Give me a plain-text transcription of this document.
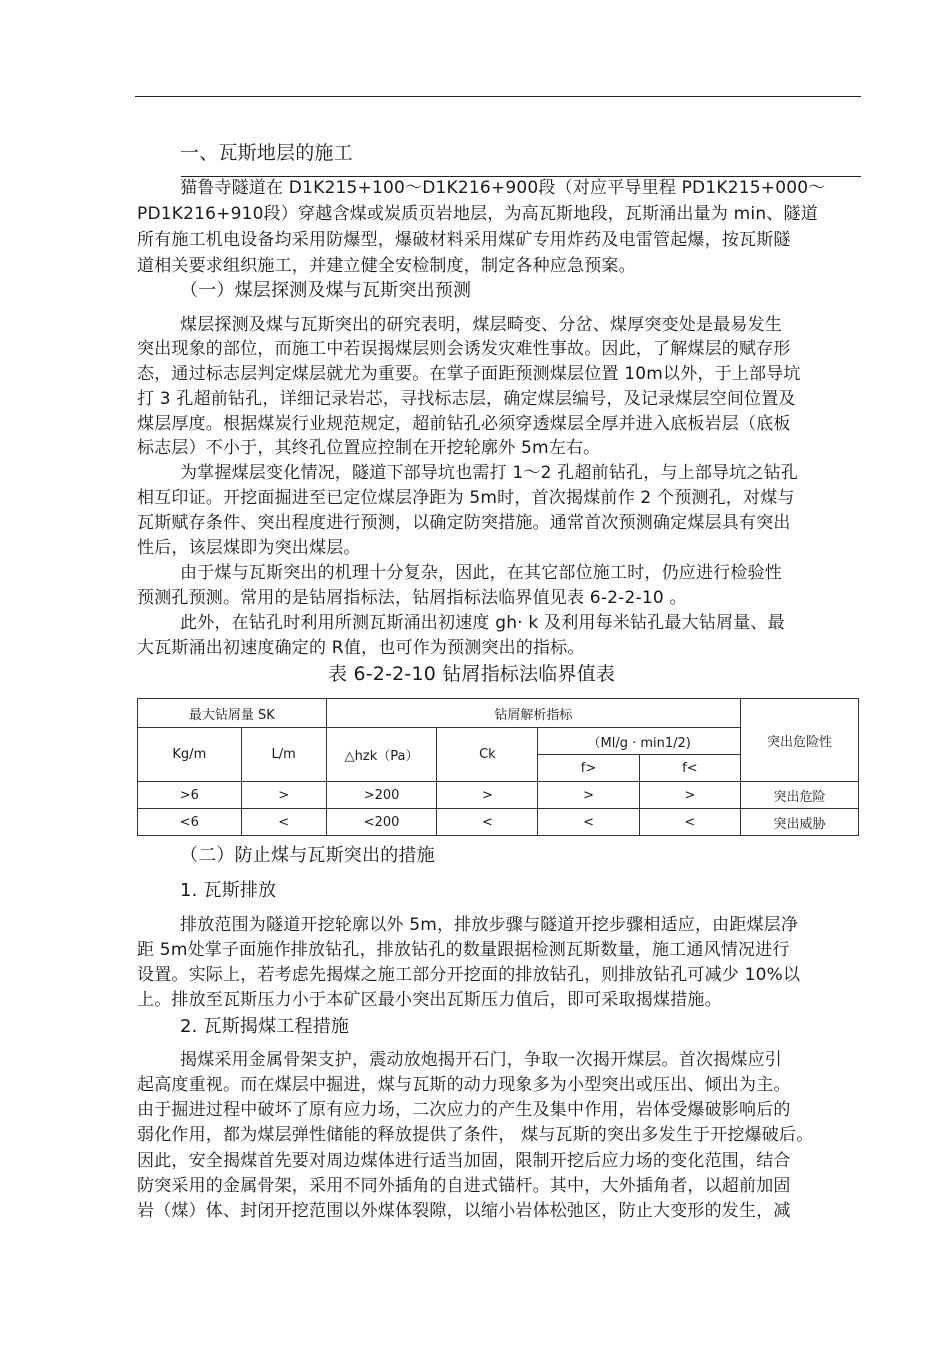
一、瓦斯地层的施工
猫鲁寺隧道在 D1K215+100～D1K216+900段（对应平导里程 PD1K215+000～
PD1K216+910段）穿越含煤或炭质页岩地层，为高瓦斯地段，瓦斯涌出量为 min、隧道
所有施工机电设备均采用防爆型，爆破材料采用煤矿专用炸药及电雷管起爆，按瓦斯隧
道相关要求组织施工，并建立健全安检制度，制定各种应急预案。
（一）煤层探测及煤与瓦斯突出预测
煤层探测及煤与瓦斯突出的研究表明，煤层畸变、分岔、煤厚突变处是最易发生
突出现象的部位，而施工中若误揭煤层则会诱发灾难性事故。因此，了解煤层的赋存形
态，通过标志层判定煤层就尤为重要。在掌子面距预测煤层位置 10m以外，于上部导坑
打 3 孔超前钻孔，详细记录岩芯，寻找标志层，确定煤层编号，及记录煤层空间位置及
煤层厚度。根据煤炭行业规范规定，超前钻孔必须穿透煤层全厚并进入底板岩层（底板
标志层）不小于，其终孔位置应控制在开挖轮廓外 5m左右。
为掌握煤层变化情况，隧道下部导坑也需打 1～2 孔超前钻孔，与上部导坑之钻孔
相互印证。开挖面掘进至已定位煤层净距为 5m时，首次揭煤前作 2 个预测孔，对煤与
瓦斯赋存条件、突出程度进行预测，以确定防突措施。通常首次预测确定煤层具有突出
性后，该层煤即为突出煤层。
由于煤与瓦斯突出的机理十分复杂，因此，在其它部位施工时，仍应进行检验性
预测孔预测。常用的是钻屑指标法，钻屑指标法临界值见表 6-2-2-10 。
此外，在钻孔时利用所测瓦斯涌出初速度 gh· k 及利用每米钻孔最大钻屑量、最
大瓦斯涌出初速度确定的 R值，也可作为预测突出的指标。
表 6-2-2-10 钻屑指标法临界值表
最大钻屑量 SK		钻屑解析指标				突出危险性
Kg/m	L/m	△hzk（Pa）	Ck	（Ml/g · min1/2)		
				f>	f<	
>6	>	>200	>	>	>	突出危险
<6	<	<200	<	<	<	突出威胁
（二）防止煤与瓦斯突出的措施
1. 瓦斯排放
排放范围为隧道开挖轮廓以外 5m，排放步骤与隧道开挖步骤相适应，由距煤层净
距 5m处掌子面施作排放钻孔，排放钻孔的数量跟据检测瓦斯数量，施工通风情况进行
设置。实际上，若考虑先揭煤之施工部分开挖面的排放钻孔，则排放钻孔可减少 10%以
上。排放至瓦斯压力小于本矿区最小突出瓦斯压力值后，即可采取揭煤措施。
2. 瓦斯揭煤工程措施
揭煤采用金属骨架支护，震动放炮揭开石门，争取一次揭开煤层。首次揭煤应引
起高度重视。而在煤层中掘进，煤与瓦斯的动力现象多为小型突出或压出、倾出为主。
由于掘进过程中破坏了原有应力场，二次应力的产生及集中作用，岩体受爆破影响后的
弱化作用，都为煤层弹性储能的释放提供了条件， 煤与瓦斯的突出多发生于开挖爆破后。
因此，安全揭煤首先要对周边煤体进行适当加固，限制开挖后应力场的变化范围，结合
防突采用的金属骨架，采用不同外插角的自进式锚杆。其中，大外插角者，以超前加固
岩（煤）体、封闭开挖范围以外煤体裂隙，以缩小岩体松弛区，防止大变形的发生，减
